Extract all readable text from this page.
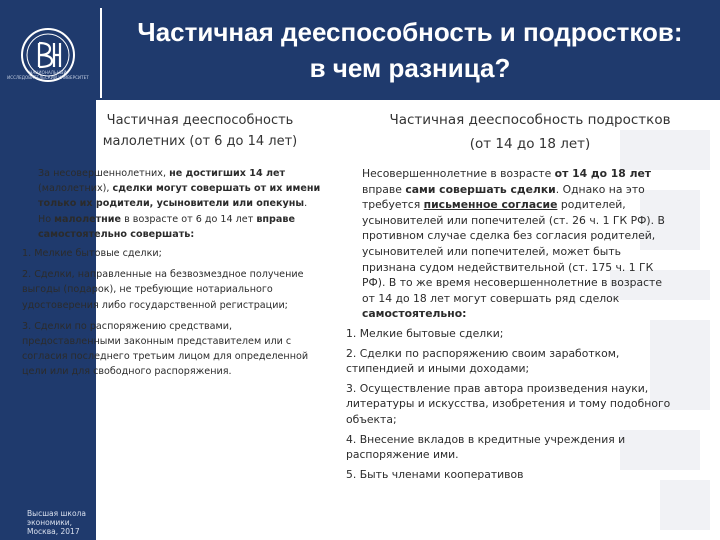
НАЦИОНАЛЬНЫЙ ИССЛЕДОВАТЕЛЬСКИЙ УНИВЕРСИТЕТ
Высшая школа экономики, Москва, 2017
Частичная дееспособность и подростков:
в чем разница?
Частичная дееспособность
малолетних (от 6 до 14 лет)
Частичная дееспособность подростков
(от 14 до 18 лет)

За несовершеннолетних, не достигших 14 лет (малолетних), сделки могут совершать от их имени только их родители, усыновители или опекуны. Но малолетние в возрасте от 6 до 14 лет вправе самостоятельно совершать:

1. Мелкие бытовые сделки;
2. Сделки, направленные на безвозмездное получение выгоды (подарок), не требующие нотариального удостоверения либо государственной регистрации;
3. Сделки по распоряжению средствами, предоставленными законным представителем или с согласия последнего третьим лицом для определенной цели или для свободного распоряжения.

Несовершеннолетние в возрасте от 14 до 18 лет вправе сами совершать сделки. Однако на это требуется письменное согласие родителей, усыновителей или попечителей (ст. 26 ч. 1 ГК РФ). В противном случае сделка без согласия родителей, усыновителей или попечителей, может быть признана судом недействительной (ст. 175 ч. 1 ГК РФ). В то же время несовершеннолетние в возрасте от 14 до 18 лет могут совершать ряд сделок самостоятельно:

1. Мелкие бытовые сделки;
2. Сделки по распоряжению своим заработком, стипендией и иными доходами;
3. Осуществление прав автора произведения науки, литературы и искусства, изобретения и тому подобного объекта;
4. Внесение вкладов в кредитные учреждения и распоряжение ими.
5. Быть членами кооперативов
